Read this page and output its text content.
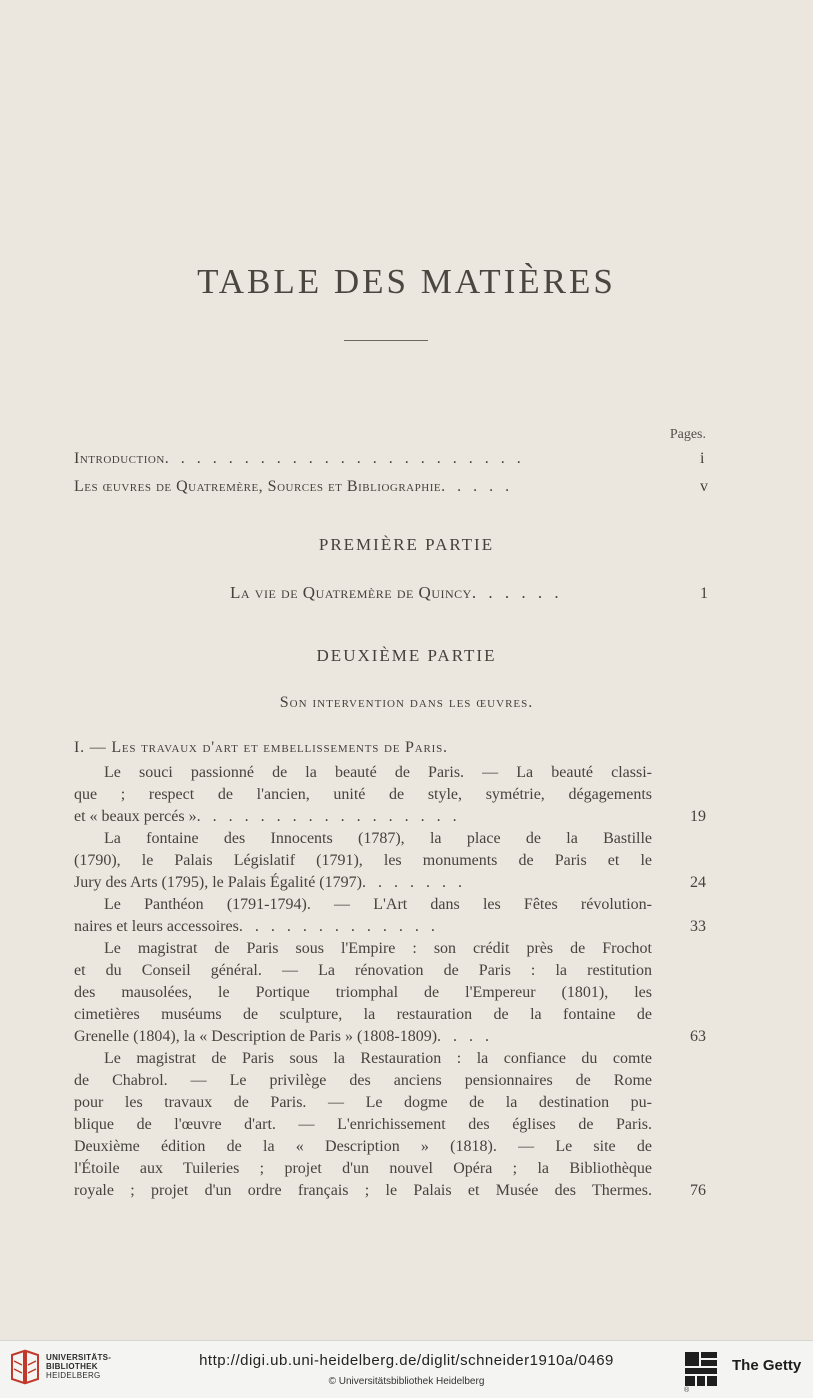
TABLE DES MATIÈRES
Pages.
Introduction. . . . . . . . . . . . . . . . . . . . . . .	i
Les œuvres de Quatremère, Sources et Bibliographie. . . . .	v
PREMIÈRE PARTIE
La vie de Quatremère de Quincy. . . . . .	1
DEUXIÈME PARTIE
Son intervention dans les œuvres.
I. — Les travaux d'art et embellissements de Paris.
Le souci passionné de la beauté de Paris. — La beauté classi-
que ; respect de l'ancien, unité de style, symétrie, dégagements
et « beaux percés ». . . . . . . . . . . . . . . . .	19
La fontaine des Innocents (1787), la place de la Bastille
(1790), le Palais Législatif (1791), les monuments de Paris et le
Jury des Arts (1795), le Palais Égalité (1797). . . . . . .	24
Le Panthéon (1791-1794). — L'Art dans les Fêtes révolution-
naires et leurs accessoires. . . . . . . . . . . . .	33
Le magistrat de Paris sous l'Empire : son crédit près de Frochot
et du Conseil général. — La rénovation de Paris : la restitution
des mausolées, le Portique triomphal de l'Empereur (1801), les
cimetières muséums de sculpture, la restauration de la fontaine de
Grenelle (1804), la « Description de Paris » (1808-1809). . . .	63
Le magistrat de Paris sous la Restauration : la confiance du comte
de Chabrol. — Le privilège des anciens pensionnaires de Rome
pour les travaux de Paris. — Le dogme de la destination pu-
blique de l'œuvre d'art. — L'enrichissement des églises de Paris.
Deuxième édition de la « Description » (1818). — Le site de
l'Étoile aux Tuileries ; projet d'un nouvel Opéra ; la Bibliothèque
royale ; projet d'un ordre français ; le Palais et Musée des Thermes. 76
UNIVERSITÄTS-
BIBLIOTHEK
HEIDELBERG
http://digi.ub.uni-heidelberg.de/diglit/schneider1910a/0469
© Universitätsbibliothek Heidelberg
The Getty
®
